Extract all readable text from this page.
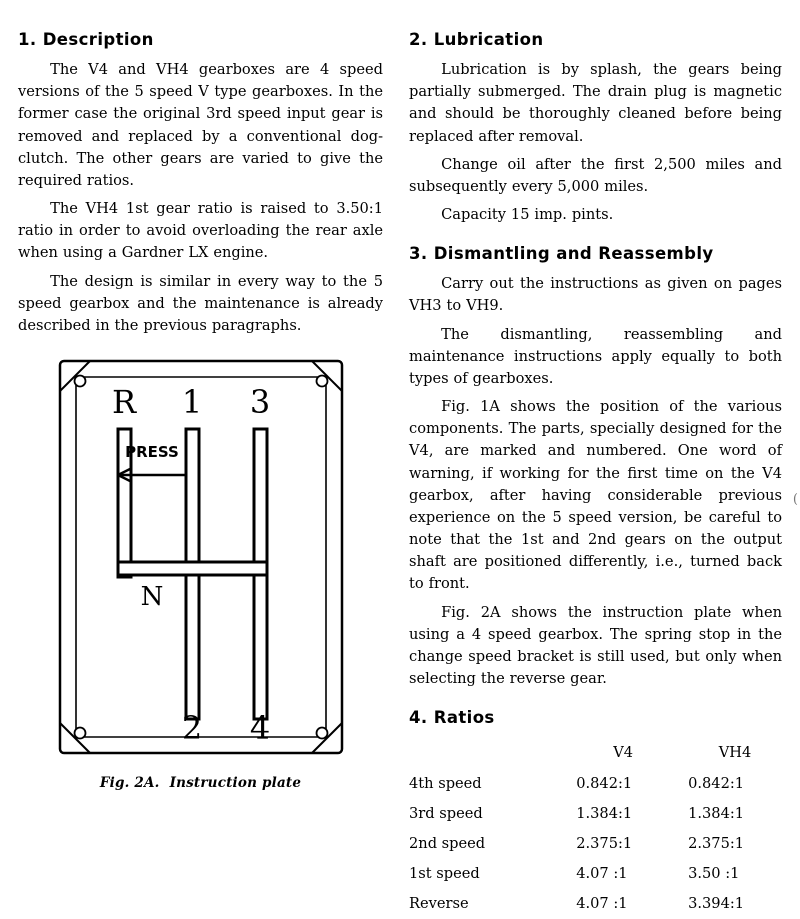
1. Description

The V4 and VH4 gearboxes are 4 speed versions of the 5 speed V type gearboxes. In the former case the original 3rd speed input gear is removed and replaced by a conventional dog-clutch. The other gears are varied to give the required ratios.

The VH4 1st gear ratio is raised to 3.50:1 ratio in order to avoid overloading the rear axle when using a Gardner LX engine.

The design is similar in every way to the 5 speed gearbox and the maintenance is already described in the previous paragraphs.

PRESS
R 1 3
2 4
N
Fig. 2A. Instruction plate
2. Lubrication

Lubrication is by splash, the gears being partially submerged. The drain plug is magnetic and should be thoroughly cleaned before being replaced after removal.

Change oil after the first 2,500 miles and subsequently every 5,000 miles.

Capacity 15 imp. pints.

3. Dismantling and Reassembly

Carry out the instructions as given on pages VH3 to VH9.

The dismantling, reassembling and maintenance instructions apply equally to both types of gearboxes.

Fig. 1A shows the position of the various components. The parts, specially designed for the V4, are marked and numbered. One word of warning, if working for the first time on the V4 gearbox, after having considerable previous experience on the 5 speed version, be careful to note that the 1st and 2nd gears on the output shaft are positioned differently, i.e., turned back to front.

Fig. 2A shows the instruction plate when using a 4 speed gearbox. The spring stop in the change speed bracket is still used, but only when selecting the reverse gear.

4. Ratios
	V4	VH4
4th speed	0.842:1	0.842:1
3rd speed	1.384:1	1.384:1
2nd speed	2.375:1	2.375:1
1st speed	4.07 :1	3.50 :1
Reverse	4.07 :1	3.394:1
(
